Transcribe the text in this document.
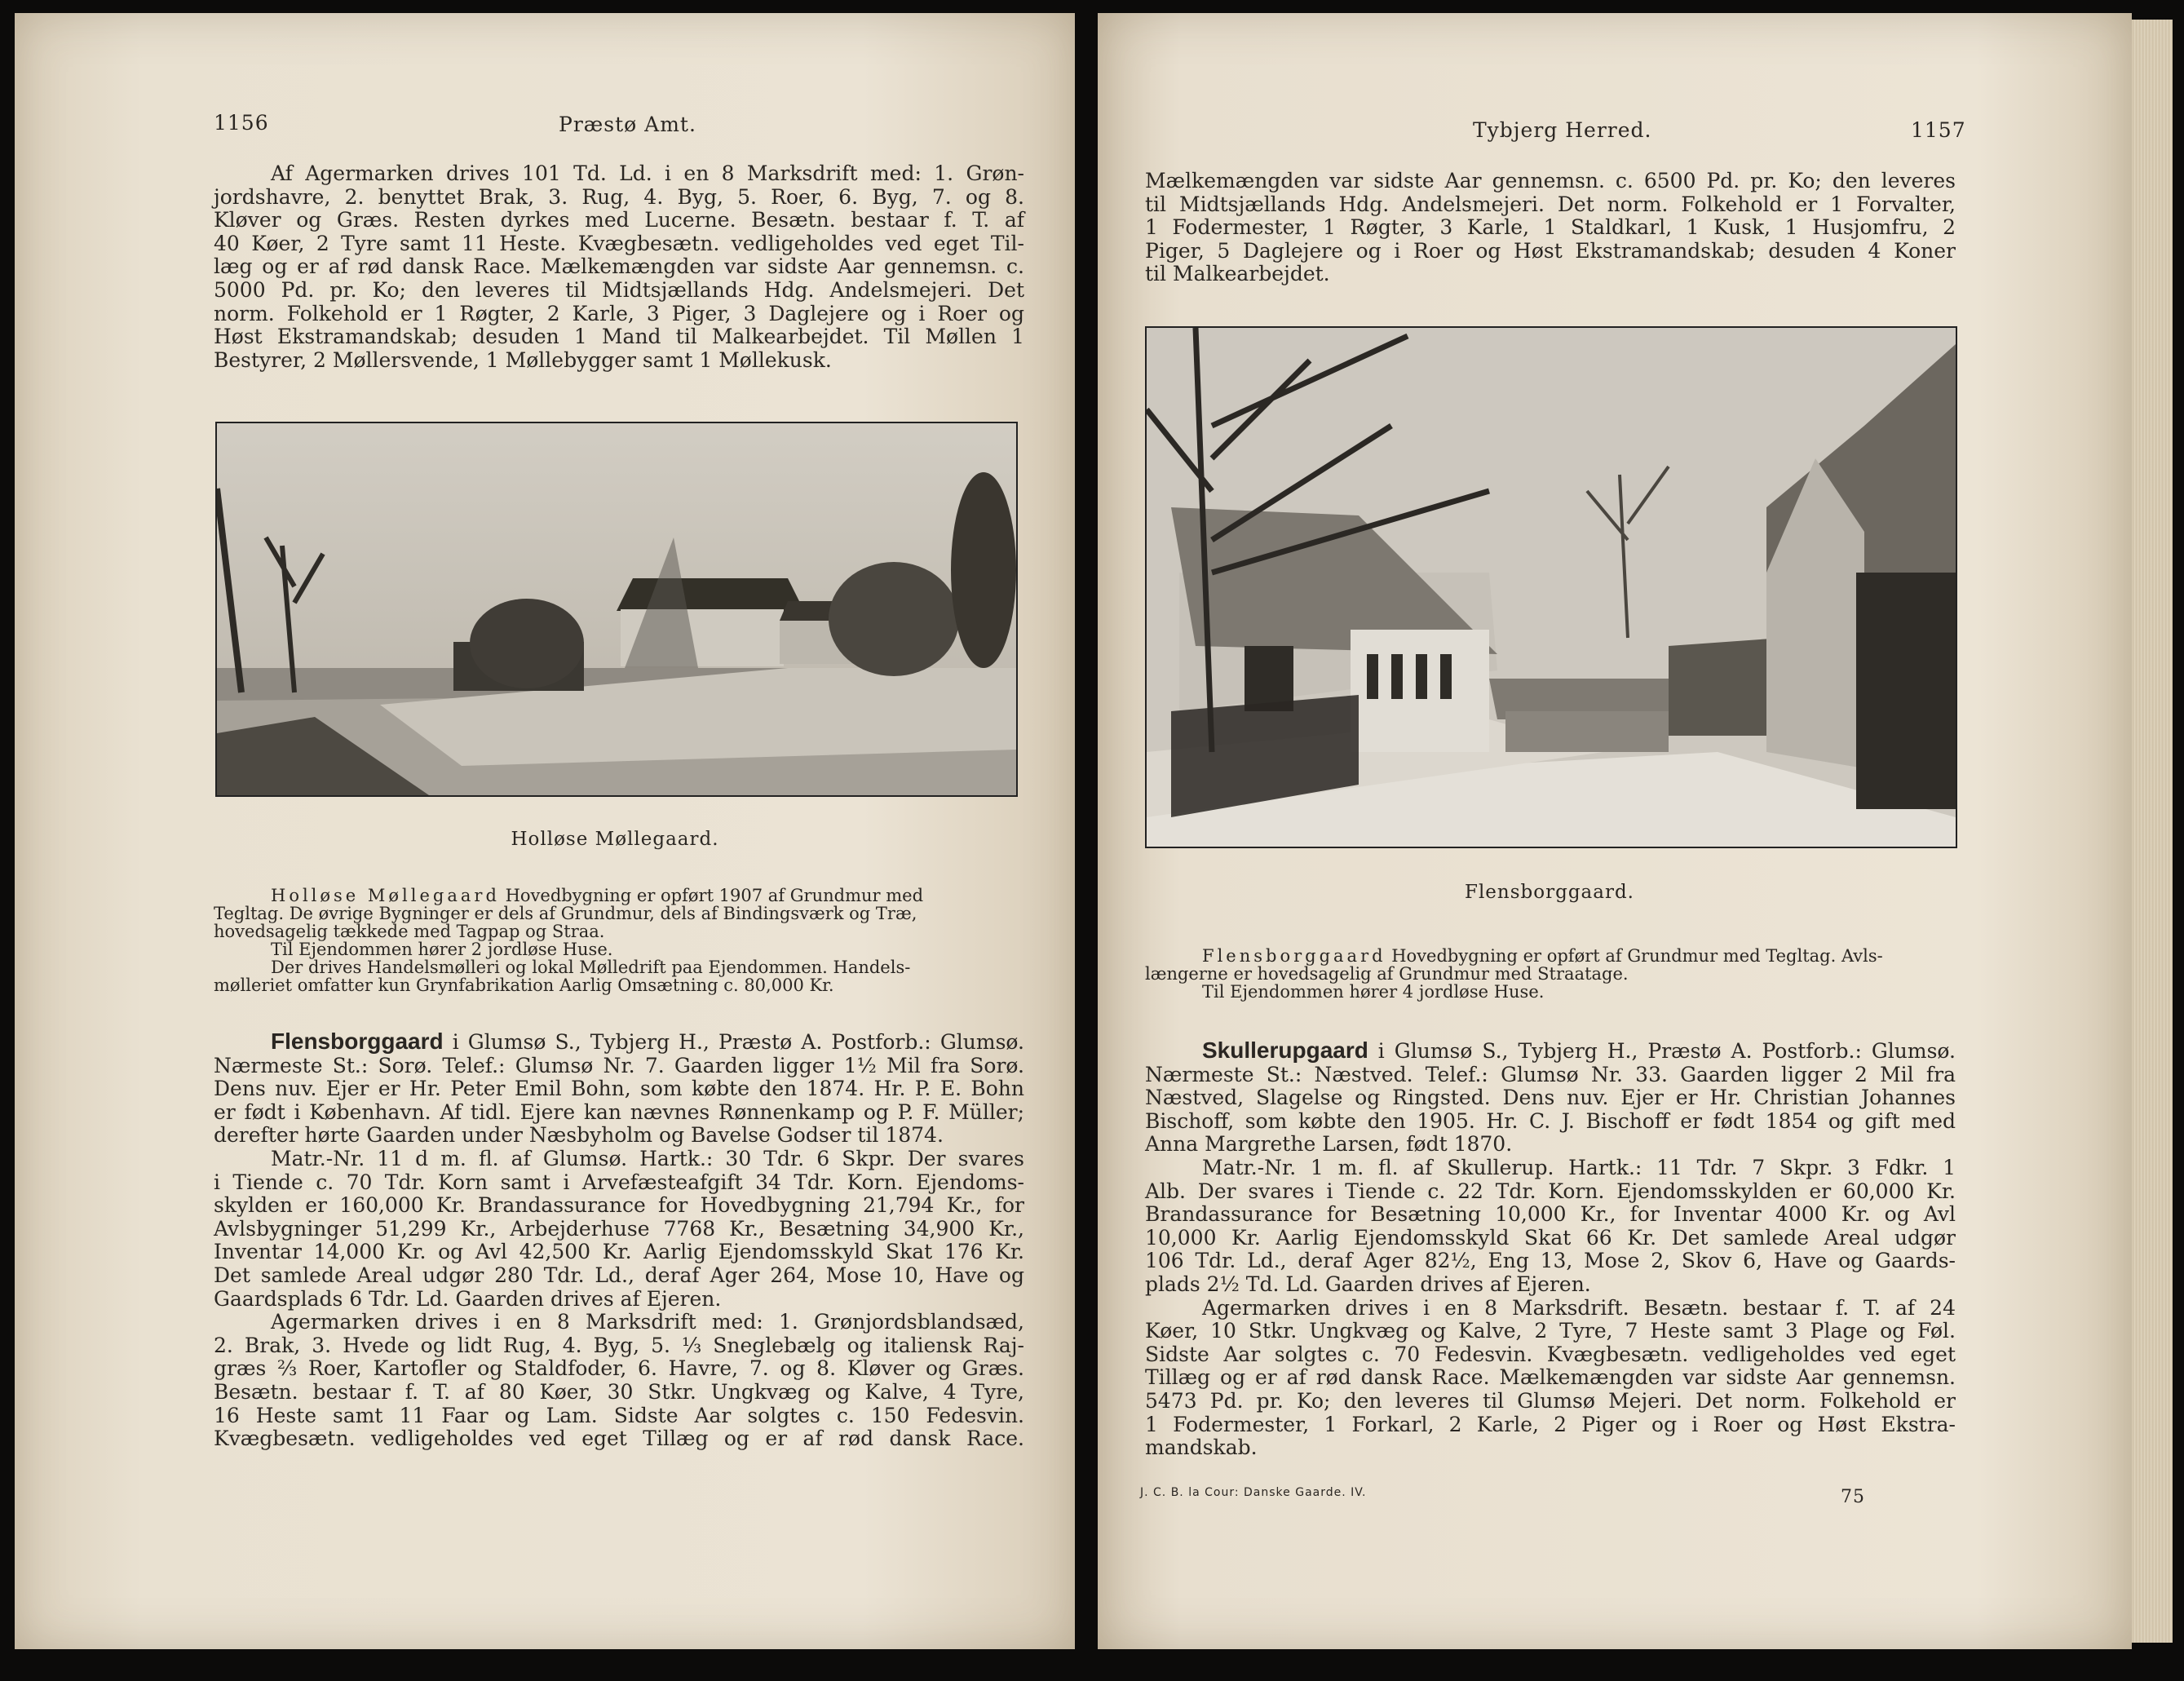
1156	Præstø Amt.

Af Agermarken drives 101 Td. Ld. i en 8 Marksdrift med: 1. Grøn-

jordshavre, 2. benyttet Brak, 3. Rug, 4. Byg, 5. Roer, 6. Byg, 7. og 8.

Kløver og Græs. Resten dyrkes med Lucerne. Besætn. bestaar f. T. af

40 Køer, 2 Tyre samt 11 Heste. Kvægbesætn. vedligeholdes ved eget Til-

læg og er af rød dansk Race. Mælkemængden var sidste Aar gennemsn. c.

5000 Pd. pr. Ko; den leveres til Midtsjællands Hdg. Andelsmejeri. Det

norm. Folkehold er 1 Røgter, 2 Karle, 3 Piger, 3 Daglejere og i Roer og

Høst Ekstramandskab; desuden 1 Mand til Malkearbejdet. Til Møllen 1

Bestyrer, 2 Møllersvende, 1 Møllebygger samt 1 Møllekusk.

Holløse Møllegaard.

Holløse Møllegaard Hovedbygning er opført 1907 af Grundmur med

Tegltag. De øvrige Bygninger er dels af Grundmur, dels af Bindingsværk og Træ,

hovedsagelig tækkede med Tagpap og Straa.

Til Ejendommen hører 2 jordløse Huse.

Der drives Handelsmølleri og lokal Mølledrift paa Ejendommen. Handels-

mølleriet omfatter kun Grynfabrikation Aarlig Omsætning c. 80,000 Kr.

Flensborggaard i Glumsø S., Tybjerg H., Præstø A. Postforb.: Glumsø.

Nærmeste St.: Sorø. Telef.: Glumsø Nr. 7. Gaarden ligger 1½ Mil fra Sorø.

Dens nuv. Ejer er Hr. Peter Emil Bohn, som købte den 1874. Hr. P. E. Bohn

er født i København. Af tidl. Ejere kan nævnes Rønnenkamp og P. F. Müller;

derefter hørte Gaarden under Næsbyholm og Bavelse Godser til 1874.

Matr.-Nr. 11 d m. fl. af Glumsø. Hartk.: 30 Tdr. 6 Skpr. Der svares

i Tiende c. 70 Tdr. Korn samt i Arvefæsteafgift 34 Tdr. Korn. Ejendoms-

skylden er 160,000 Kr. Brandassurance for Hovedbygning 21,794 Kr., for

Avlsbygninger 51,299 Kr., Arbejderhuse 7768 Kr., Besætning 34,900 Kr.,

Inventar 14,000 Kr. og Avl 42,500 Kr. Aarlig Ejendomsskyld Skat 176 Kr.

Det samlede Areal udgør 280 Tdr. Ld., deraf Ager 264, Mose 10, Have og

Gaardsplads 6 Tdr. Ld. Gaarden drives af Ejeren.

Agermarken drives i en 8 Marksdrift med: 1. Grønjordsblandsæd,

2. Brak, 3. Hvede og lidt Rug, 4. Byg, 5. ⅓ Sneglebælg og italiensk Raj-

græs ⅔ Roer, Kartofler og Staldfoder, 6. Havre, 7. og 8. Kløver og Græs.

Besætn. bestaar f. T. af 80 Køer, 30 Stkr. Ungkvæg og Kalve, 4 Tyre,

16 Heste samt 11 Faar og Lam. Sidste Aar solgtes c. 150 Fedesvin.

Kvægbesætn. vedligeholdes ved eget Tillæg og er af rød dansk Race.

Tybjerg Herred.	1157

Mælkemængden var sidste Aar gennemsn. c. 6500 Pd. pr. Ko; den leveres

til Midtsjællands Hdg. Andelsmejeri. Det norm. Folkehold er 1 Forvalter,

1 Fodermester, 1 Røgter, 3 Karle, 1 Staldkarl, 1 Kusk, 1 Husjomfru, 2

Piger, 5 Daglejere og i Roer og Høst Ekstramandskab; desuden 4 Koner

til Malkearbejdet.

Flensborggaard.

Flensborggaard Hovedbygning er opført af Grundmur med Tegltag. Avls-

længerne er hovedsagelig af Grundmur med Straatage.

Til Ejendommen hører 4 jordløse Huse.

Skullerupgaard i Glumsø S., Tybjerg H., Præstø A. Postforb.: Glumsø.

Nærmeste St.: Næstved. Telef.: Glumsø Nr. 33. Gaarden ligger 2 Mil fra

Næstved, Slagelse og Ringsted. Dens nuv. Ejer er Hr. Christian Johannes

Bischoff, som købte den 1905. Hr. C. J. Bischoff er født 1854 og gift med

Anna Margrethe Larsen, født 1870.

Matr.-Nr. 1 m. fl. af Skullerup. Hartk.: 11 Tdr. 7 Skpr. 3 Fdkr. 1

Alb. Der svares i Tiende c. 22 Tdr. Korn. Ejendomsskylden er 60,000 Kr.

Brandassurance for Besætning 10,000 Kr., for Inventar 4000 Kr. og Avl

10,000 Kr. Aarlig Ejendomsskyld Skat 66 Kr. Det samlede Areal udgør

106 Tdr. Ld., deraf Ager 82½, Eng 13, Mose 2, Skov 6, Have og Gaards-

plads 2½ Td. Ld. Gaarden drives af Ejeren.

Agermarken drives i en 8 Marksdrift. Besætn. bestaar f. T. af 24

Køer, 10 Stkr. Ungkvæg og Kalve, 2 Tyre, 7 Heste samt 3 Plage og Føl.

Sidste Aar solgtes c. 70 Fedesvin. Kvægbesætn. vedligeholdes ved eget

Tillæg og er af rød dansk Race. Mælkemængden var sidste Aar gennemsn.

5473 Pd. pr. Ko; den leveres til Glumsø Mejeri. Det norm. Folkehold er

1 Fodermester, 1 Forkarl, 2 Karle, 2 Piger og i Roer og Høst Ekstra-

mandskab.

J. C. B. la Cour: Danske Gaarde. IV.	75
